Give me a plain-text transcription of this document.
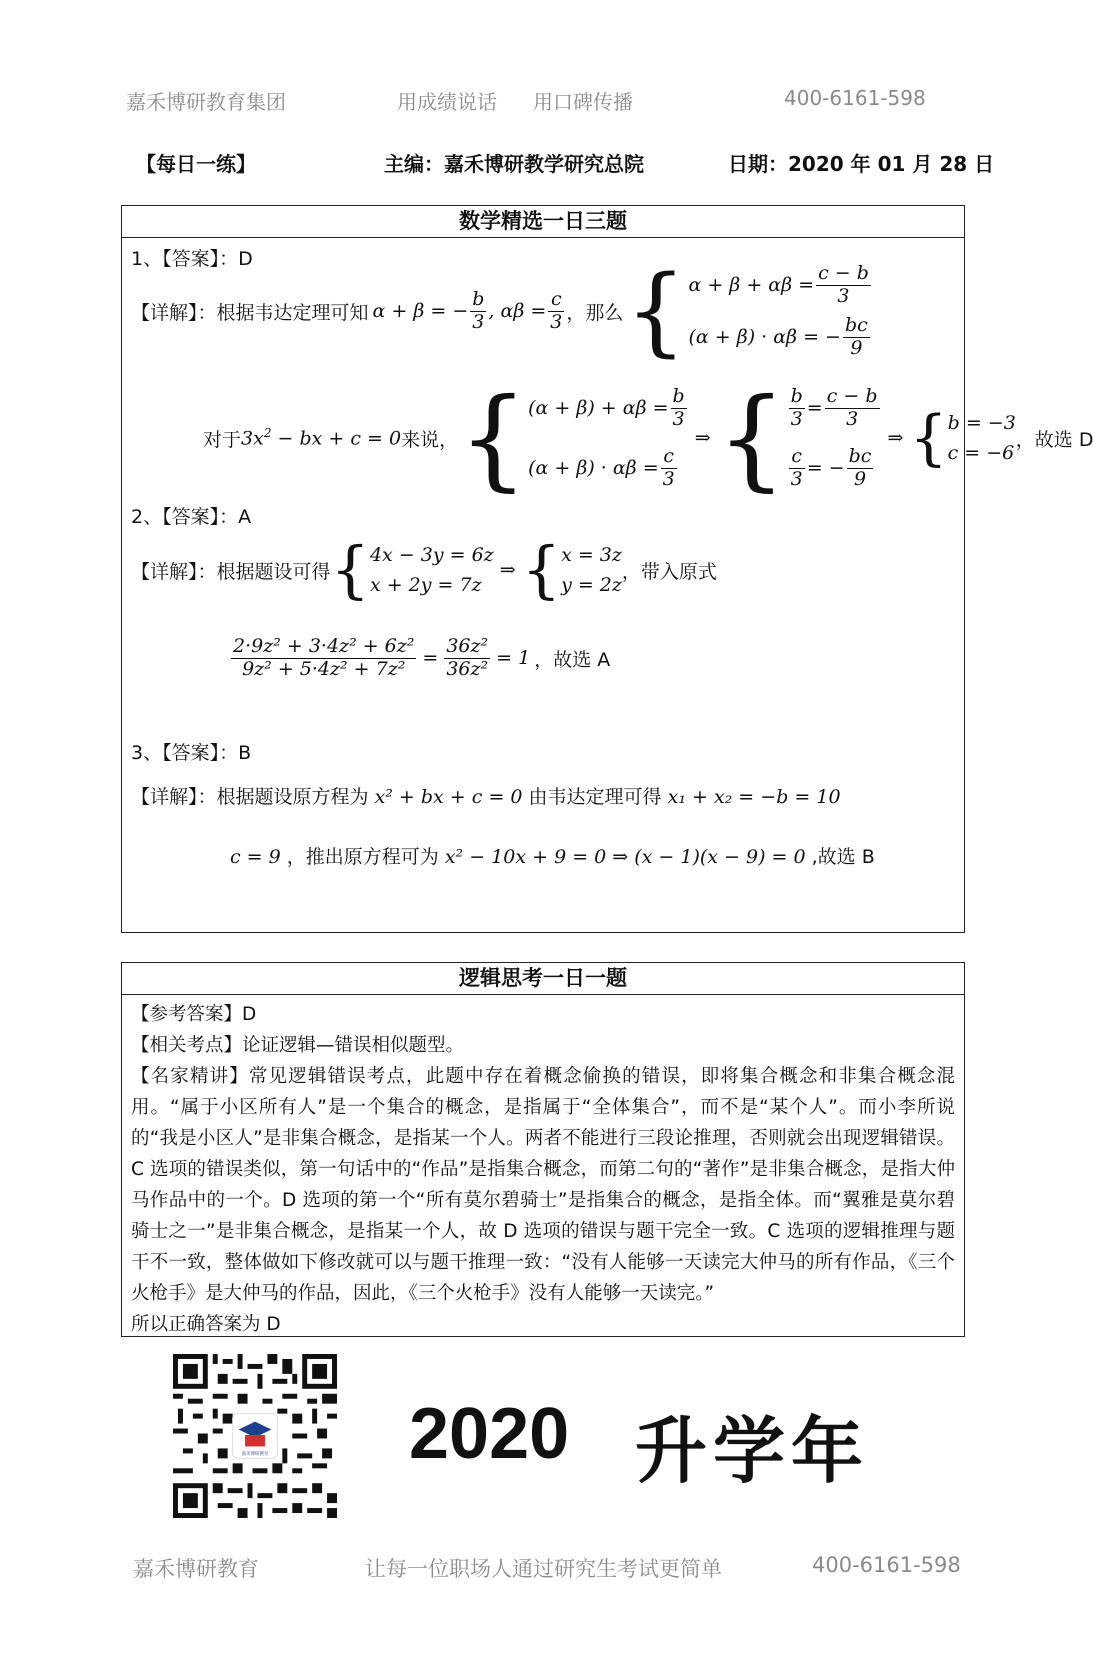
嘉禾博研教育集团	用成绩说话 用口碑传播	400-6161-598
【每日一练】	主编：嘉禾博研教学研究总院	日期：2020 年 01 月 28 日
数学精选一日三题
1、【答案】：D
【详解】：根据韦达定理可知 α + β = − $\frac{b}{3}$ , $\alpha\beta = \frac{c}{3}$ ，那么 { $\alpha + \beta + \alpha\beta = \frac{c - b}{3}$
(α + β) · αβ = − $\frac{bc}{9}$
对于 $3x^2$ − bx + c = 0 来说， { $(\alpha + \beta) + \alpha\beta = \frac{b}{3}$
$(\alpha + \beta) \cdot \alpha\beta = \frac{c}{3}$
⇒ { $\frac{b}{3} = \frac{c - b}{3}$
$\frac{c}{3}$ = − $\frac{bc}{9}$
⇒ { b = −3
c = −6
，故选 D
2、【答案】：A
【详解】：根据题设可得 { 4x − 3y = 6z
x + 2y = 7z
⇒ { x = 3z
y = 2z
，带入原式
$\frac{\text{2·9z² + 3·4z² + 6z²}}{\text{9z² + 5·4z² + 7z²}} = \frac{\text{36z²}}{\text{36z²}} = 1$ ，故选 A
3、【答案】：B
【详解】：根据题设原方程为 x² + bx + c = 0 由韦达定理可得 x₁ + x₂ = −b = 10
c = 9 ，推出原方程可为 x² − 10x + 9 = 0 ⇒ (x − 1)(x − 9) = 0 ,故选 B
逻辑思考一日一题

【参考答案】D

【相关考点】论证逻辑—错误相似题型。

【名家精讲】常见逻辑错误考点，此题中存在着概念偷换的错误，即将集合概念和非集合概念混用。“属于小区所有人”是一个集合的概念，是指属于“全体集合”，而不是“某个人”。而小李所说的“我是小区人”是非集合概念，是指某一个人。两者不能进行三段论推理，否则就会出现逻辑错误。C 选项的错误类似，第一句话中的“作品”是指集合概念，而第二句的“著作”是非集合概念，是指大仲马作品中的一个。D 选项的第一个“所有莫尔碧骑士”是指集合的概念，是指全体。而“翼雅是莫尔碧骑士之一”是非集合概念，是指某一个人，故 D 选项的错误与题干完全一致。C 选项的逻辑推理与题干不一致，整体做如下修改就可以与题干推理一致：“没有人能够一天读完大仲马的所有作品，《三个火枪手》是大仲马的作品，因此，《三个火枪手》没有人能够一天读完。”

所以正确答案为 D

2020 升学年
嘉禾博研教育	让每一位职场人通过研究生考试更简单	400-6161-598
